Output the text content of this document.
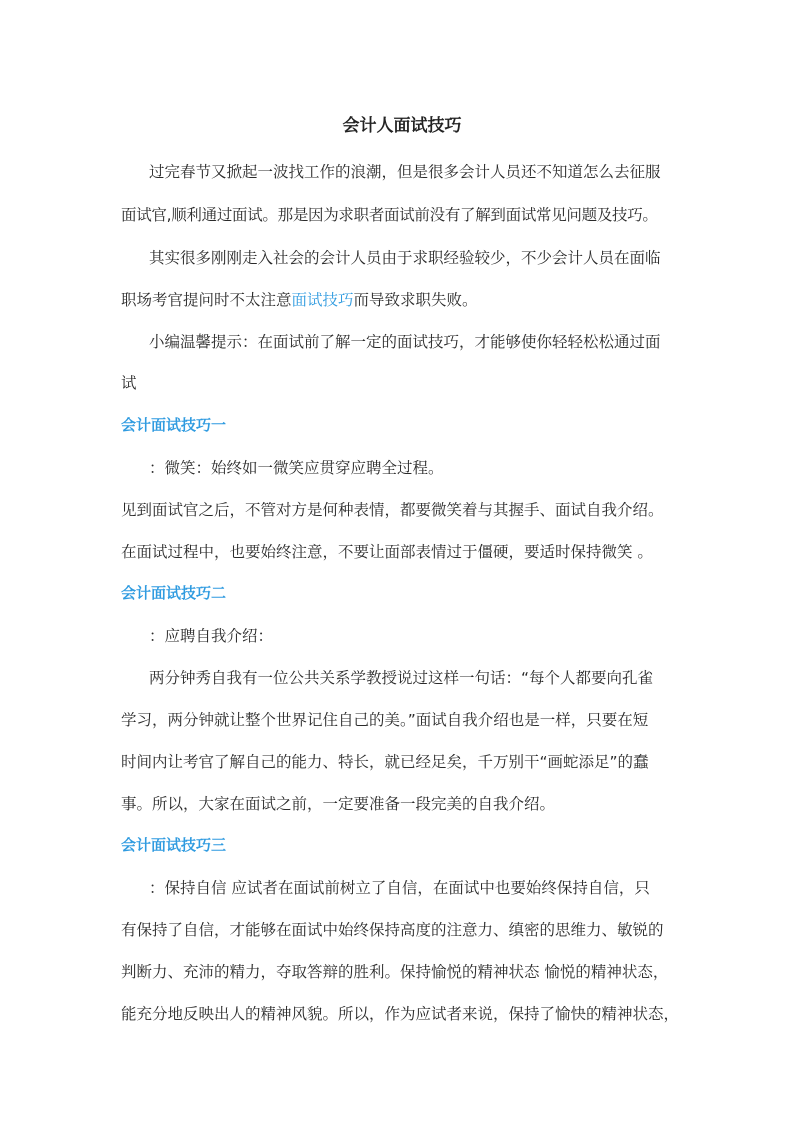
会计人面试技巧
过完春节又掀起一波找工作的浪潮，但是很多会计人员还不知道怎么去征服
面试官,顺利通过面试。那是因为求职者面试前没有了解到面试常见问题及技巧。
其实很多刚刚走入社会的会计人员由于求职经验较少，不少会计人员在面临
职场考官提问时不太注意面试技巧而导致求职失败。
小编温馨提示：在面试前了解一定的面试技巧，才能够使你轻轻松松通过面
试
会计面试技巧一
：微笑：始终如一微笑应贯穿应聘全过程。
见到面试官之后，不管对方是何种表情，都要微笑着与其握手、面试自我介绍。
在面试过程中，也要始终注意，不要让面部表情过于僵硬，要适时保持微笑 。
会计面试技巧二
：应聘自我介绍：
两分钟秀自我有一位公共关系学教授说过这样一句话：“每个人都要向孔雀
学习，两分钟就让整个世界记住自己的美。”面试自我介绍也是一样，只要在短
时间内让考官了解自己的能力、特长，就已经足矣，千万别干“画蛇添足”的蠢
事。所以，大家在面试之前，一定要准备一段完美的自我介绍。
会计面试技巧三
：保持自信 应试者在面试前树立了自信，在面试中也要始终保持自信，只
有保持了自信，才能够在面试中始终保持高度的注意力、缜密的思维力、敏锐的
判断力、充沛的精力，夺取答辩的胜利。保持愉悦的精神状态 愉悦的精神状态，
能充分地反映出人的精神风貌。所以，作为应试者来说，保持了愉快的精神状态，
